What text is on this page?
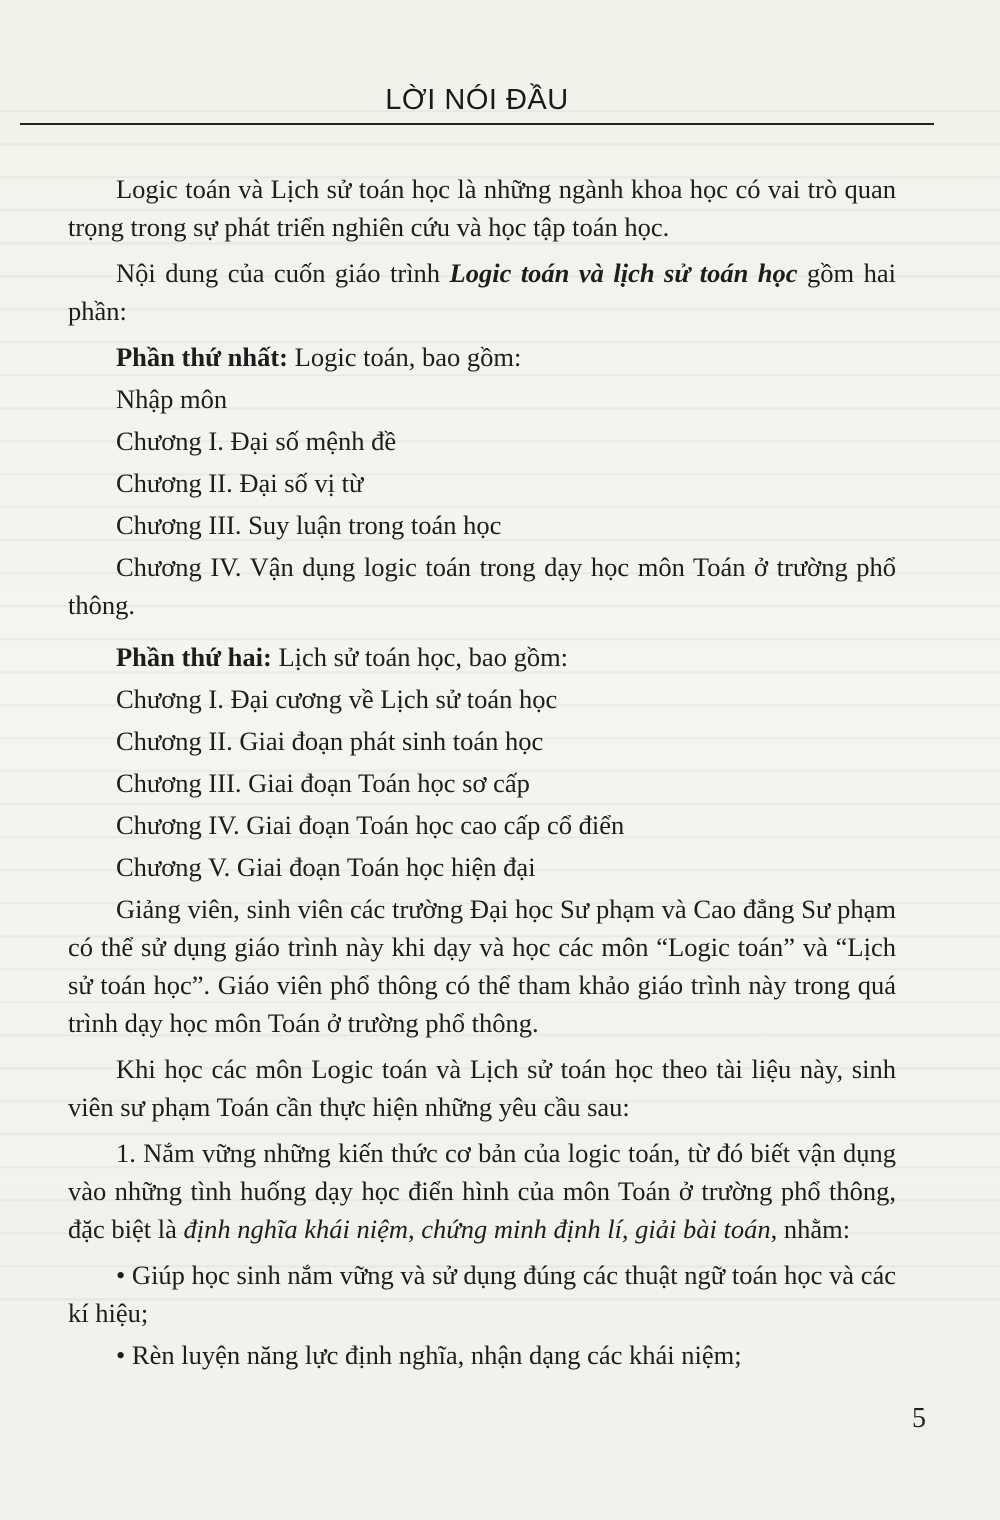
LỜI NÓI ĐẦU

Logic toán và Lịch sử toán học là những ngành khoa học có vai trò quan trọng trong sự phát triển nghiên cứu và học tập toán học.

Nội dung của cuốn giáo trình Logic toán và lịch sử toán học gồm hai phần:

Phần thứ nhất: Logic toán, bao gồm:

Nhập môn

Chương I. Đại số mệnh đề

Chương II. Đại số vị từ

Chương III. Suy luận trong toán học

Chương IV. Vận dụng logic toán trong dạy học môn Toán ở trường phổ thông.

Phần thứ hai: Lịch sử toán học, bao gồm:

Chương I. Đại cương về Lịch sử toán học

Chương II. Giai đoạn phát sinh toán học

Chương III. Giai đoạn Toán học sơ cấp

Chương IV. Giai đoạn Toán học cao cấp cổ điển

Chương V. Giai đoạn Toán học hiện đại

Giảng viên, sinh viên các trường Đại học Sư phạm và Cao đẳng Sư phạm có thể sử dụng giáo trình này khi dạy và học các môn “Logic toán” và “Lịch sử toán học”. Giáo viên phổ thông có thể tham khảo giáo trình này trong quá trình dạy học môn Toán ở trường phổ thông.

Khi học các môn Logic toán và Lịch sử toán học theo tài liệu này, sinh viên sư phạm Toán cần thực hiện những yêu cầu sau:

1. Nắm vững những kiến thức cơ bản của logic toán, từ đó biết vận dụng vào những tình huống dạy học điển hình của môn Toán ở trường phổ thông, đặc biệt là định nghĩa khái niệm, chứng minh định lí, giải bài toán, nhằm:

• Giúp học sinh nắm vững và sử dụng đúng các thuật ngữ toán học và các kí hiệu;

• Rèn luyện năng lực định nghĩa, nhận dạng các khái niệm;

5
